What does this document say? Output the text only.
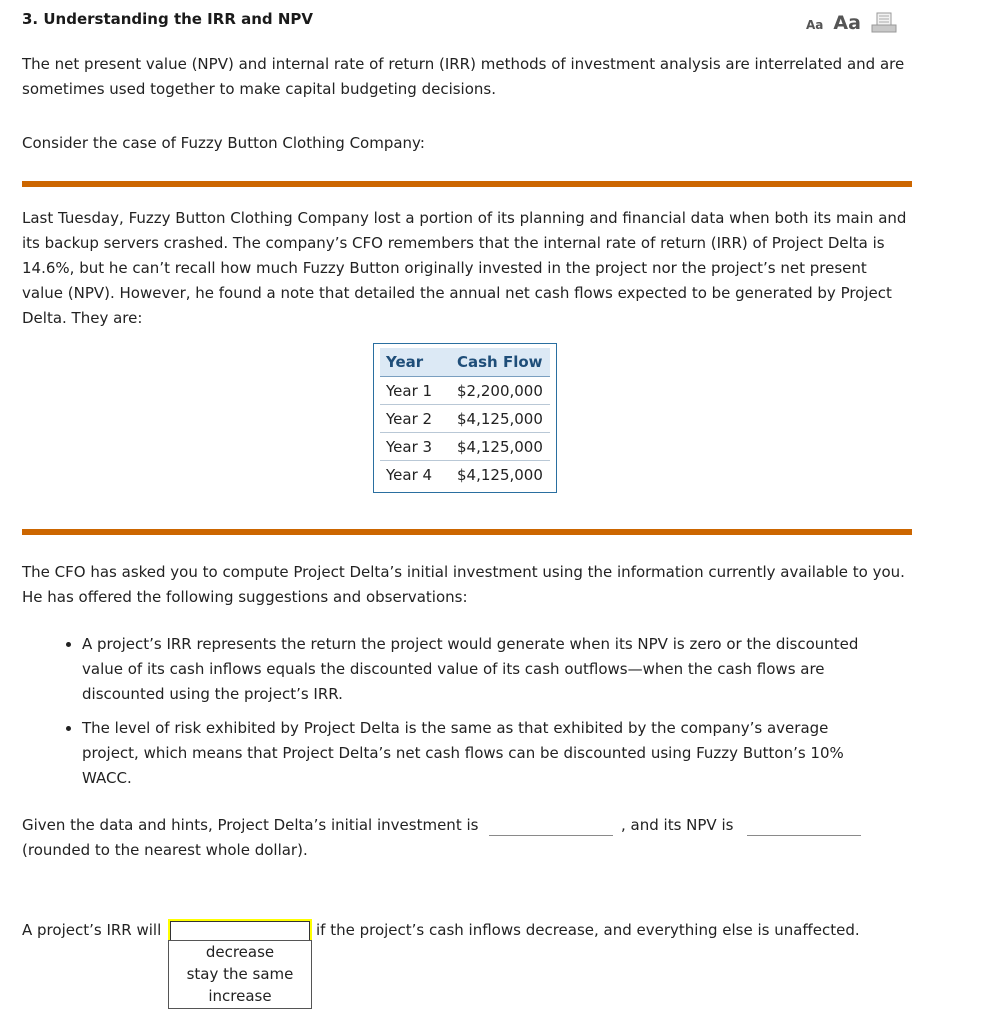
3. Understanding the IRR and NPV	Aa Aa

The net present value (NPV) and internal rate of return (IRR) methods of investment analysis are interrelated and are sometimes used together to make capital budgeting decisions.

Consider the case of Fuzzy Button Clothing Company:

Last Tuesday, Fuzzy Button Clothing Company lost a portion of its planning and financial data when both its main and its backup servers crashed. The company’s CFO remembers that the internal rate of return (IRR) of Project Delta is 14.6%, but he can’t recall how much Fuzzy Button originally invested in the project nor the project’s net present value (NPV). However, he found a note that detailed the annual net cash flows expected to be generated by Project Delta. They are:

Year	Cash Flow
Year 1	$2,200,000
Year 2	$4,125,000
Year 3	$4,125,000
Year 4	$4,125,000

The CFO has asked you to compute Project Delta’s initial investment using the information currently available to you. He has offered the following suggestions and observations:

• A project’s IRR represents the return the project would generate when its NPV is zero or the discounted value of its cash inflows equals the discounted value of its cash outflows—when the cash flows are discounted using the project’s IRR.
• The level of risk exhibited by Project Delta is the same as that exhibited by the company’s average project, which means that Project Delta’s net cash flows can be discounted using Fuzzy Button’s 10% WACC.
Given the data and hints, Project Delta’s initial investment is	, and its NPV is
(rounded to the nearest whole dollar).
A project’s IRR will	if the project’s cash inflows decrease, and everything else is unaffected.
decrease
stay the same
increase
